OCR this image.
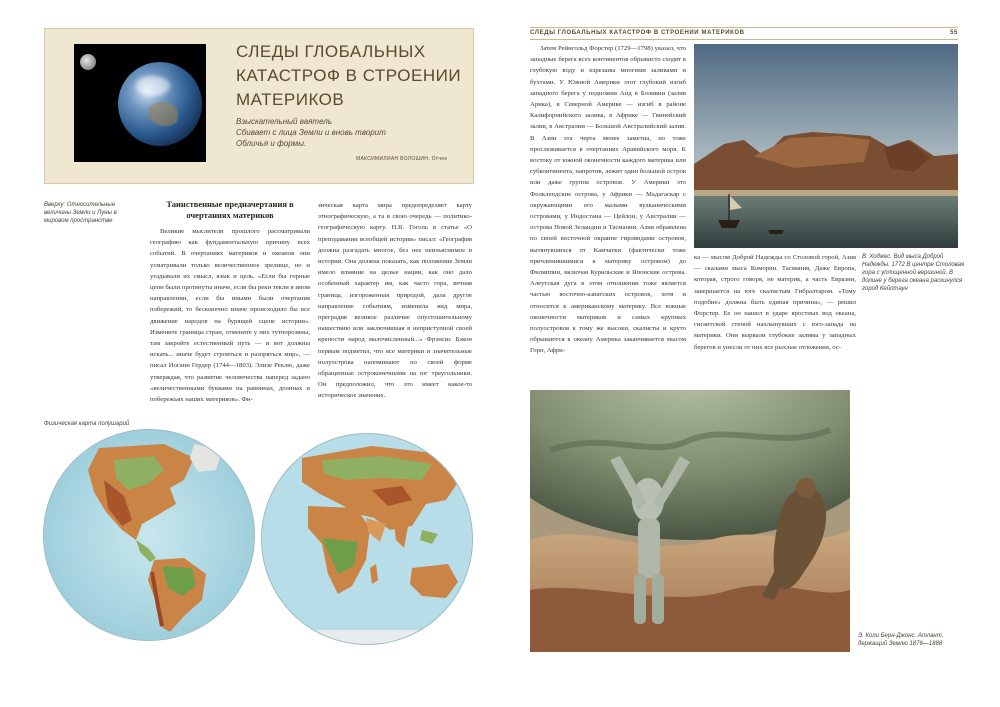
СЛЕДЫ ГЛОБАЛЬНЫХ КАТАСТРОФ В СТРОЕНИИ МАТЕРИКОВ
Взыскательный ваятель
Сбивает с лица Земли и вновь творит
Обличья и формы.
МАКСИМИЛИАН ВОЛОШИН. Отчее
Вверху: Относительные величины Земли и Луны в мировом пространстве
Таинственные предначертания в очертаниях материков

Великие мыслители прошлого рассматривали географию как фундаментальную причину всех событий. В очертаниях материков и океанов они усматривали только величественное зрелище, но и угадывали их смысл, язык и цель. «Если бы горные цепи были протянуты иначе, если бы реки текли в ином направлении, если бы иными были очертания побережий, то бесконечно иначе происходило бы все движение народов на бурящей сцене истории». Измените границы стран, отмените у них тутпорозвны, там закройте естественный путь — и вот должны искать... иначе будет строиться и разоряться мир», — писал Иоганн Гердер (1744—1803). Элизе Реклю, даже утверждая, что развитие человечества наперед задано «величественными буквами на равнинах, долинах и побережьях наших материков». Фи-

зическая карта мира предопределяет карту этнографическую, а та в свою очередь — политико-географическую карту. Н.В. Гоголь в статье «О преподавании всеобщей истории» писал: «География должна разгадать многое, без нее неизъяснимое в истории. Она должна показать, как положение Земли имело влияние на целые нации, как оно дало особенный характер им, как часто гора, вечная граница, изгороженная природой, дала другое направление событиям, изменила вид мира, преградив великое различие опустошительному нашествию или заключившая в неприступной своей крепости народ малочисленный...» Фрэнсис Бэкон первым подметил, что все материки и значительные полуострова напоминают по своей форме обращенные остроконечными на юг треугольники. Он предположил, что это имеет какое-то историческое значение.

Физическая карта полушарий
СЛЕДЫ ГЛОБАЛЬНЫХ КАТАСТРОФ В СТРОЕНИИ МАТЕРИКОВ	55

Затем Рейнгольд Форстер (1729—1798) указал, что западные берега всех континентов обрывисто сходят в глубокую воду и изрезаны многими заливами и бухтами. У Южной Америки этот глубокий изгиб западного берега у подножия Анд в Боливии (залив Арика), в Северной Америке — изгиб в районе Калифорнийского залива, в Африке — Гвинейский залив, в Австралии — Большой Австралийский залив. В Азии эта черта менее заметна, но тоже прослеживается в очертаниях Аравийского моря. К востоку от южной оконечности каждого материка или субконтинента, напротив, лежит один большой остров или даже группа островов. У Америки это Фолклендские острова, у Африки — Мадагаскар с окружающими его малыми вулканическими островами, у Индостана — Цейлон, у Австралии — острова Новой Зеландии и Тасмании. Азия обрамлена по своей восточной окраине гирляндами островов, вытянувшихся от Камчатки (фактически тоже причленившимися к материку островом) до Филиппин, включая Курильские и Японские острова. Алеутская дуга в этом отношении тоже является частью восточно-азиатских островов, хотя и относится к американскому материку. Все южные оконечности материков и самых крупных полуостровов к тому же высоки, скалисты и круто обрываются к океану Америка заканчивается мысом Горн, Афри-

В. Ходжес. Вид мыса Доброй Надежды. 1772 В центре Столовая гора с уплощенной вершиной. В долине у берега океана раскинулся город Кейптаун

ка — мысом Доброй Надежды со Столовой горой, Азия — скалами мыса Коморин. Тасмания, Даже Европа, которая, строго говоря, не материк, а часть Евразии, завершается на юге скалистым Гибралтаром. «Тому подобие» должна быть единая причина», — решил Форстер. Ее он нашел в ударе яростных вод океана, гигантской стеной нахлынувших с юго-запада на материки. Они вырвали глубокие заливы у западных берегов и унесли от них все рыхлые отложения, ос-

Э. Коли Берн-Джонс. Атлант, держащий Землю 1876—1888
